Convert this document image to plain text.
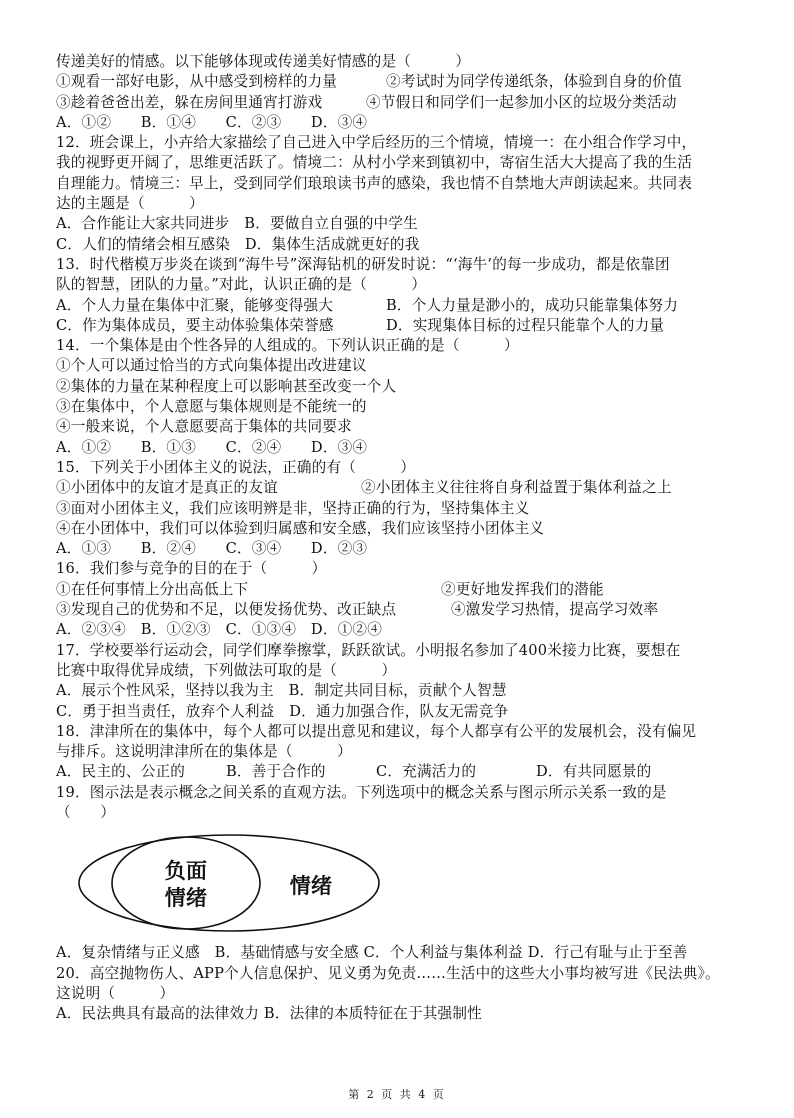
传递美好的情感。以下能够体现或传递美好情感的是（　　　）
①观看一部好电影，从中感受到榜样的力量	②考试时为同学传递纸条，体验到自身的价值
③趁着爸爸出差，躲在房间里通宵打游戏	④节假日和同学们一起参加小区的垃圾分类活动
A．①②　　B．①④　　C．②③　　D．③④
12．班会课上，小卉给大家描绘了自己进入中学后经历的三个情境，情境一：在小组合作学习中，
我的视野更开阔了，思维更活跃了。情境二：从村小学来到镇初中，寄宿生活大大提高了我的生活
自理能力。情境三：早上，受到同学们琅琅读书声的感染，我也情不自禁地大声朗读起来。共同表
达的主题是（　　　）
A．合作能让大家共同进步　B．要做自立自强的中学生
C．人们的情绪会相互感染　D．集体生活成就更好的我
13．时代楷模万步炎在谈到“海牛号”深海钻机的研发时说：“‘海牛’的每一步成功，都是依靠团
队的智慧，团队的力量。”对此，认识正确的是（　　　）
A．个人力量在集体中汇聚，能够变得强大	B．个人力量是渺小的，成功只能靠集体努力
C．作为集体成员，要主动体验集体荣誉感	D．实现集体目标的过程只能靠个人的力量
14．一个集体是由个性各异的人组成的。下列认识正确的是（　　　）
①个人可以通过恰当的方式向集体提出改进建议
②集体的力量在某种程度上可以影响甚至改变一个人
③在集体中，个人意愿与集体规则是不能统一的
④一般来说，个人意愿要高于集体的共同要求
A．①②　　B．①③　　C．②④　　D．③④
15．下列关于小团体主义的说法，正确的有（　　　）
①小团体中的友谊才是真正的友谊	②小团体主义往往将自身利益置于集体利益之上
③面对小团体主义，我们应该明辨是非，坚持正确的行为，坚持集体主义
④在小团体中，我们可以体验到归属感和安全感，我们应该坚持小团体主义
A．①③　　B．②④　　C．③④　　D．②③
16．我们参与竞争的目的在于（　　　）
①在任何事情上分出高低上下	②更好地发挥我们的潜能
③发现自己的优势和不足，以便发扬优势、改正缺点	④激发学习热情，提高学习效率
A．②③④　B．①②③　C．①③④　D．①②④
17．学校要举行运动会，同学们摩拳擦掌，跃跃欲试。小明报名参加了400米接力比赛，要想在
比赛中取得优异成绩，下列做法可取的是（　　　）
A．展示个性风采，坚持以我为主　B．制定共同目标，贡献个人智慧
C．勇于担当责任，放弃个人利益　D．通力加强合作，队友无需竞争
18．津津所在的集体中，每个人都可以提出意见和建议，每个人都享有公平的发展机会，没有偏见
与排斥。这说明津津所在的集体是（　　　）
A．民主的、公正的	B．善于合作的	C．充满活力的	D．有共同愿景的
19．图示法是表示概念之间关系的直观方法。下列选项中的概念关系与图示所示关系一致的是
（　　）
负面
情绪	情绪
A．复杂情绪与正义感　B．基础情感与安全感 C．个人利益与集体利益 D．行己有耻与止于至善
20．高空抛物伤人、APP个人信息保护、见义勇为免责……生活中的这些大小事均被写进《民法典》。
这说明（　　　）
A．民法典具有最高的法律效力 B．法律的本质特征在于其强制性
第 2 页 共 4 页
